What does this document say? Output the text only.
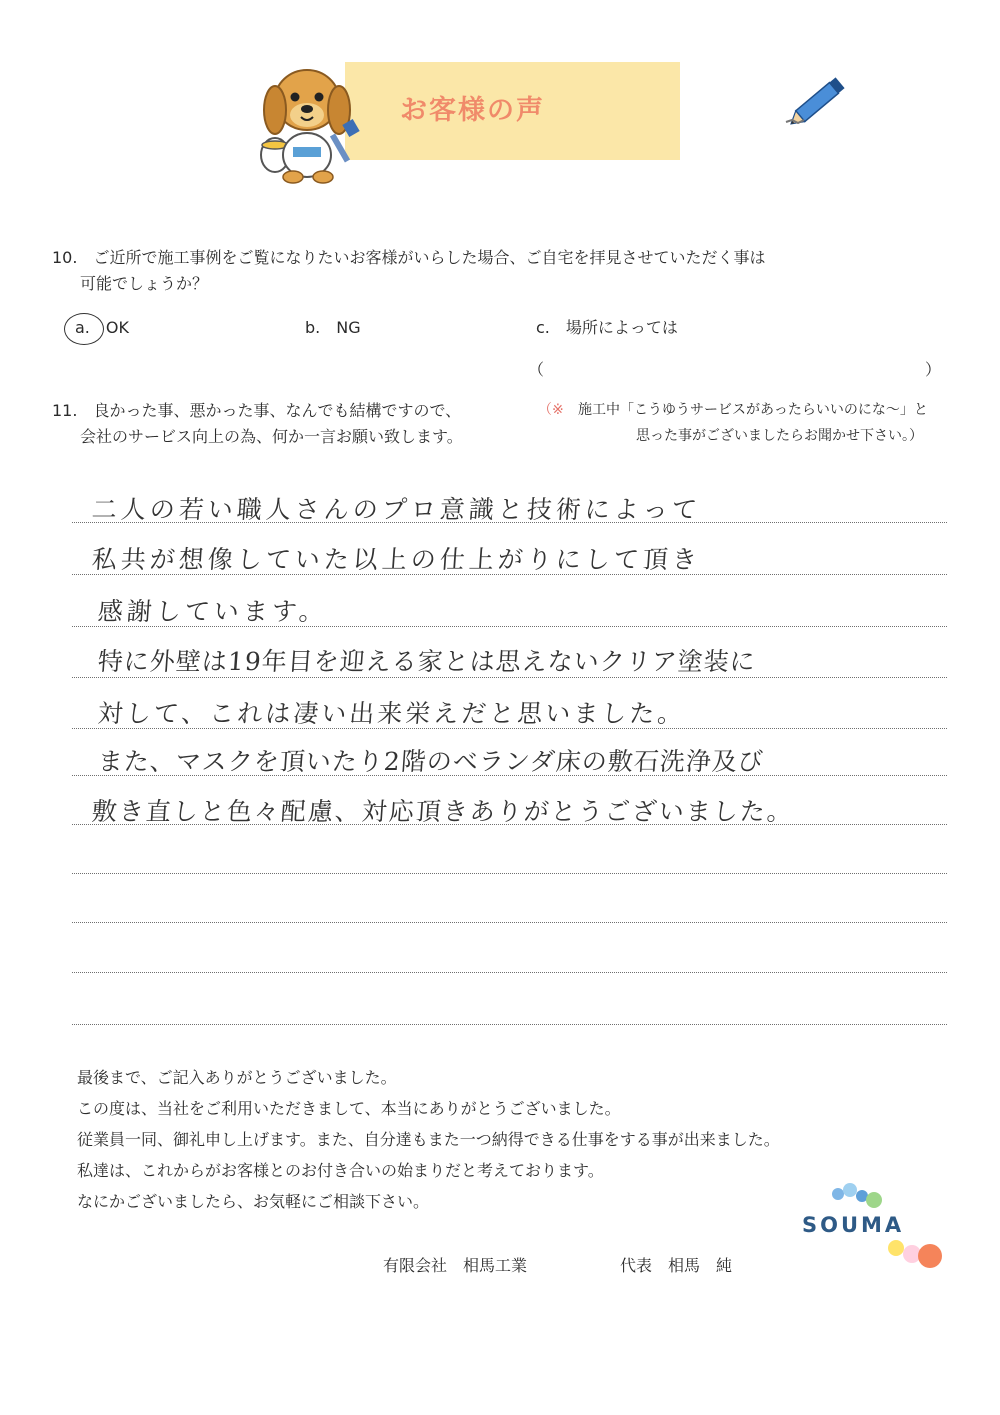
お客様の声
10.　ご近所で施工事例をご覧になりたいお客様がいらした場合、ご自宅を拝見させていただく事は
可能でしょうか？
a.　OK	b.　NG	c.　場所によっては
（	）
11.　良かった事、悪かった事、なんでも結構ですので、
会社のサービス向上の為、何か一言お願い致します。
（※ 施工中「こうゆうサービスがあったらいいのにな～」と
思った事がございましたらお聞かせ下さい。）
二人の若い職人さんのプロ意識と技術によって
私共が想像していた以上の仕上がりにして頂き
感謝しています。
特に外壁は19年目を迎える家とは思えないクリア塗装に
対して、これは凄い出来栄えだと思いました。
また、マスクを頂いたり2階のベランダ床の敷石洗浄及び
敷き直しと色々配慮、対応頂きありがとうございました。
最後まで、ご記入ありがとうございました。
この度は、当社をご利用いただきまして、本当にありがとうございました。
従業員一同、御礼申し上げます。また、自分達もまた一つ納得できる仕事をする事が出来ました。
私達は、これからがお客様とのお付き合いの始まりだと考えております。
なにかございましたら、お気軽にご相談下さい。
SOUMA
有限会社　相馬工業	代表　相馬　純
